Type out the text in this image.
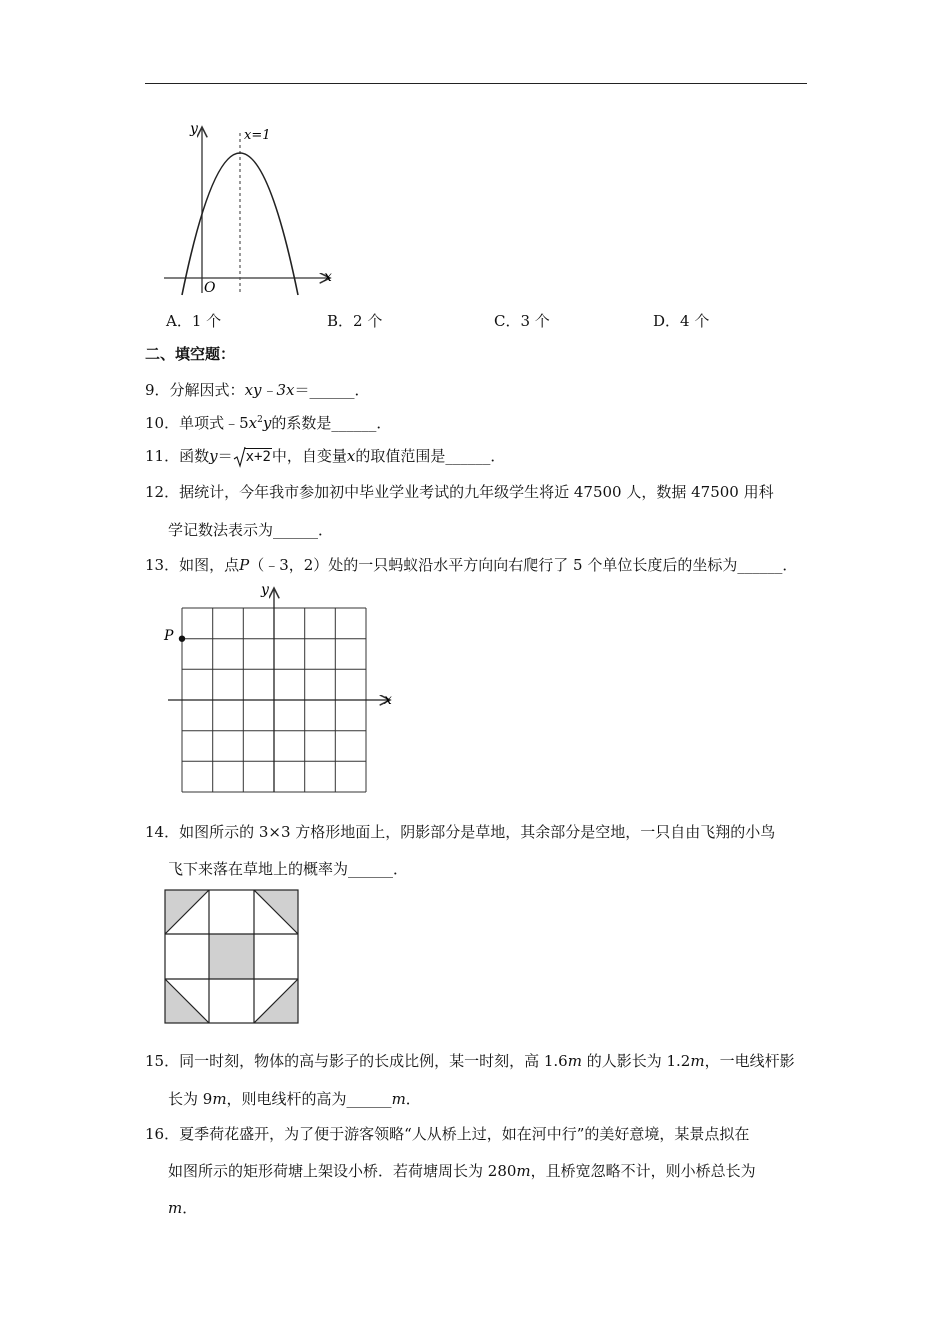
y
x
O
x=1
A．1 个	B．2 个	C．3 个	D．4 个
二、填空题：
9．分解因式：xy﹣3x＝______．
10．单项式$﹣5x^2y$的系数是______．
11．函数y＝ x+2中，自变量x的取值范围是______．
12．据统计，今年我市参加初中毕业学业考试的九年级学生将近 47500 人，数据 47500 用科
学记数法表示为______．
13．如图，点P（﹣3，2）处的一只蚂蚁沿水平方向向右爬行了 5 个单位长度后的坐标为______．
P
y
x
14．如图所示的 3×3 方格形地面上，阴影部分是草地，其余部分是空地，一只自由飞翔的小鸟
飞下来落在草地上的概率为______．
15．同一时刻，物体的高与影子的长成比例，某一时刻，高 1.6m 的人影长为 1.2m，一电线杆影
长为 9m，则电线杆的高为______m．
16．夏季荷花盛开，为了便于游客领略“人从桥上过，如在河中行”的美好意境，某景点拟在
如图所示的矩形荷塘上架设小桥．若荷塘周长为 280m，且桥宽忽略不计，则小桥总长为
m．
